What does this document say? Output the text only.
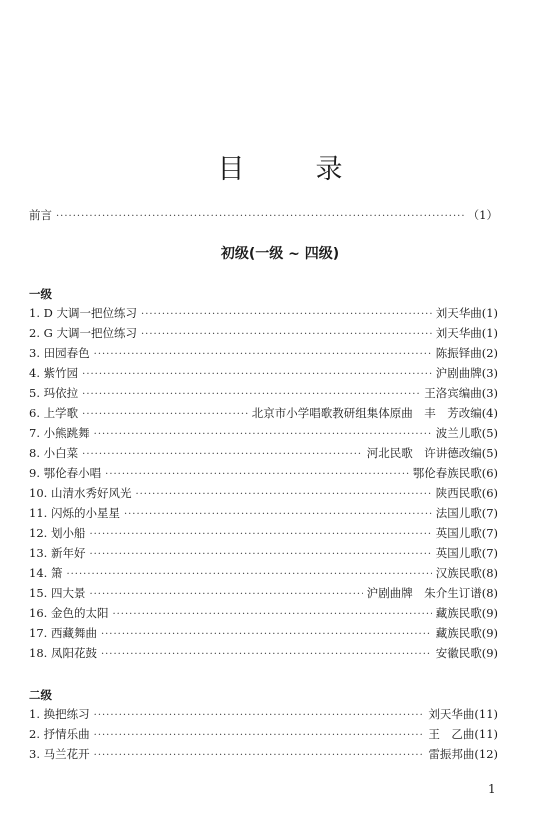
目　录
前言 ·····	（1）
初级(一级 ~ 四级)
一级
1. D 大调一把位练习 ·····	刘天华曲(1)
2. G 大调一把位练习 ·····	刘天华曲(1)
3. 田园春色 ·····	陈振铎曲(2)
4. 紫竹园 ·····	沪剧曲牌(3)
5. 玛依拉 ·····	王洛宾编曲(3)
6. 上学歌 ·····	北京市小学唱歌教研组集体原曲　丰　芳改编(4)
7. 小熊跳舞 ·····	波兰儿歌(5)
8. 小白菜 ·····	河北民歌　许讲德改编(5)
9. 鄂伦春小唱 ·····	鄂伦春族民歌(6)
10. 山清水秀好风光 ·····	陕西民歌(6)
11. 闪烁的小星星 ·····	法国儿歌(7)
12. 划小船 ·····	英国儿歌(7)
13. 新年好 ·····	英国儿歌(7)
14. 箫 ·····	汉族民歌(8)
15. 四大景 ·····	沪剧曲牌　朱介生订谱(8)
16. 金色的太阳 ·····	藏族民歌(9)
17. 西藏舞曲 ·····	藏族民歌(9)
18. 凤阳花鼓 ·····	安徽民歌(9)
二级
1. 换把练习 ·····	刘天华曲(11)
2. 抒情乐曲 ·····	王　乙曲(11)
3. 马兰花开 ·····	雷振邦曲(12)
1
